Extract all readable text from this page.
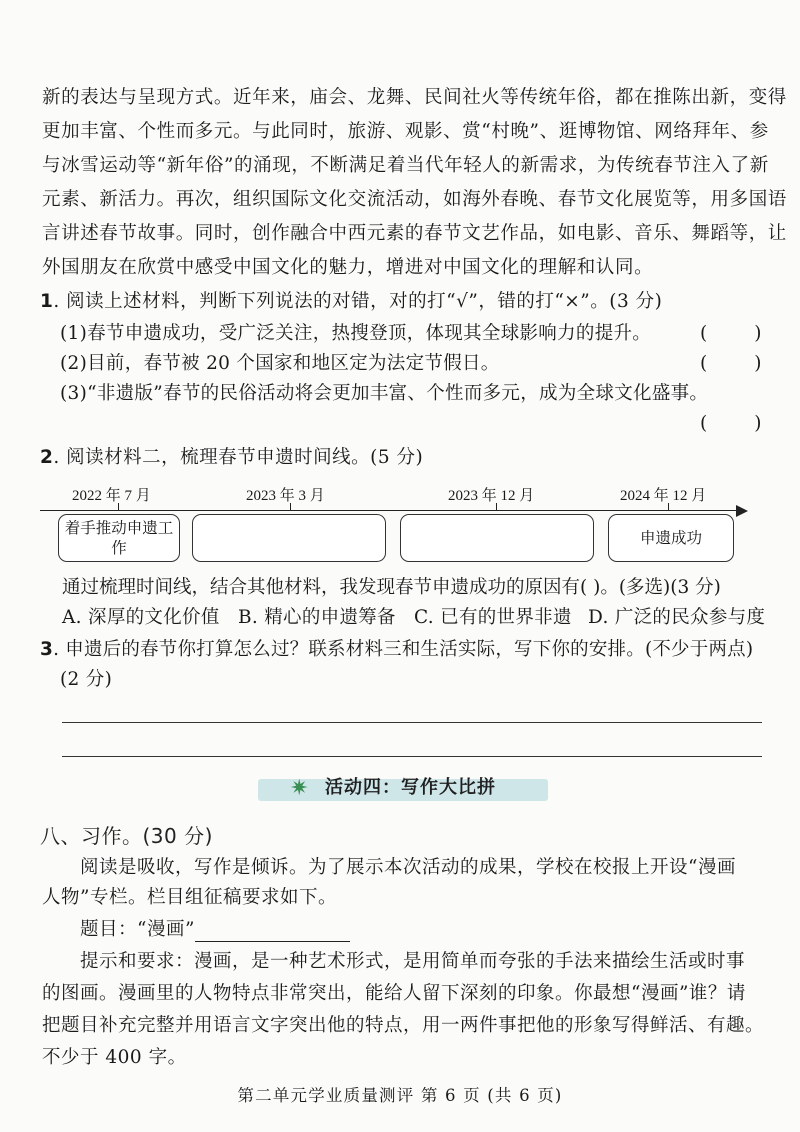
新的表达与呈现方式。近年来，庙会、龙舞、民间社火等传统年俗，都在推陈出新，变得
更加丰富、个性而多元。与此同时，旅游、观影、赏“村晚”、逛博物馆、网络拜年、参
与冰雪运动等“新年俗”的涌现，不断满足着当代年轻人的新需求，为传统春节注入了新
元素、新活力。再次，组织国际文化交流活动，如海外春晚、春节文化展览等，用多国语
言讲述春节故事。同时，创作融合中西元素的春节文艺作品，如电影、音乐、舞蹈等，让
外国朋友在欣赏中感受中国文化的魅力，增进对中国文化的理解和认同。
1. 阅读上述材料，判断下列说法的对错，对的打“√”，错的打“×”。(3 分)
(1)春节申遗成功，受广泛关注，热搜登顶，体现其全球影响力的提升。	(        )
(2)目前，春节被 20 个国家和地区定为法定节假日。	(        )
(3)“非遗版”春节的民俗活动将会更加丰富、个性而多元，成为全球文化盛事。
(        )
2. 阅读材料二，梳理春节申遗时间线。(5 分)
2022 年 7 月	2023 年 3 月	2023 年 12 月	2024 年 12 月
着手推动申遗工作
申遗成功
通过梳理时间线，结合其他材料，我发现春节申遗成功的原因有( )。(多选)(3 分)
A. 深厚的文化价值 B. 精心的申遗筹备 C. 已有的世界非遗 D. 广泛的民众参与度
3. 申遗后的春节你打算怎么过？联系材料三和生活实际，写下你的安排。(不少于两点)
(2 分)
✷ 活动四：写作大比拼
八、习作。(30 分)
阅读是吸收，写作是倾诉。为了展示本次活动的成果，学校在校报上开设“漫画
人物”专栏。栏目组征稿要求如下。
题目：“漫画”
提示和要求：漫画，是一种艺术形式，是用简单而夸张的手法来描绘生活或时事
的图画。漫画里的人物特点非常突出，能给人留下深刻的印象。你最想“漫画”谁？请
把题目补充完整并用语言文字突出他的特点，用一两件事把他的形象写得鲜活、有趣。
不少于 400 字。
第二单元学业质量测评 第 6 页 (共 6 页)
